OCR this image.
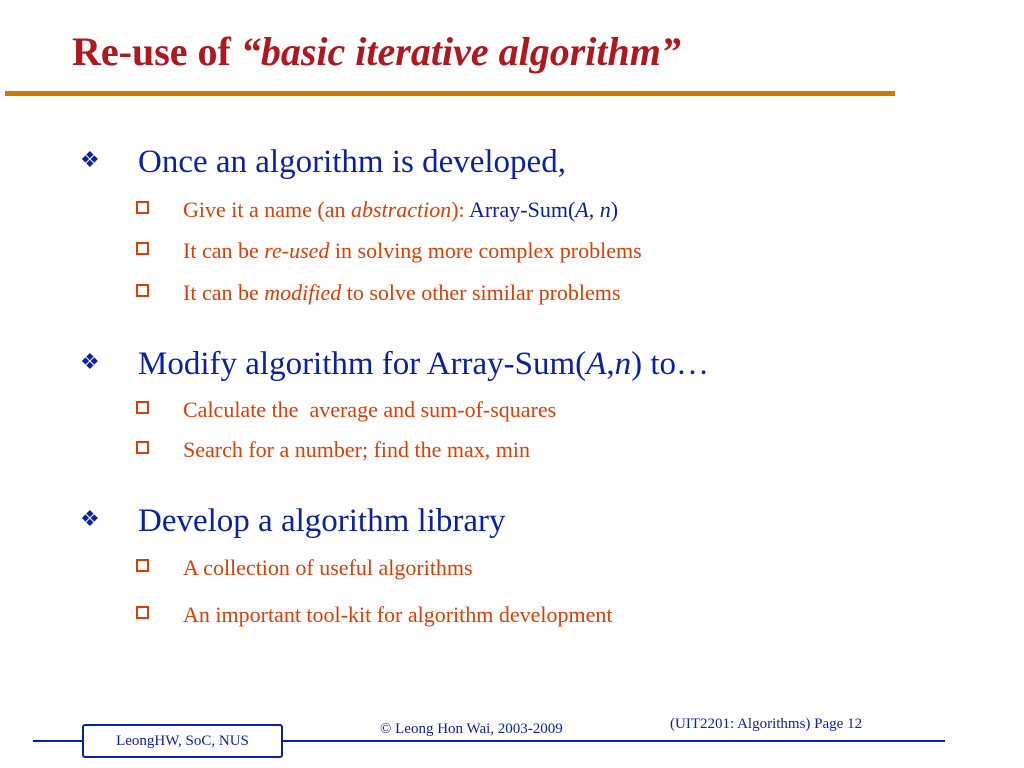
Re-use of “basic iterative algorithm”
❖ Once an algorithm is developed,
Give it a name (an abstraction): Array-Sum(A, n)
It can be re-used in solving more complex problems
It can be modified to solve other similar problems
❖ Modify algorithm for Array-Sum(A,n) to…
Calculate the  average and sum-of-squares
Search for a number; find the max, min
❖ Develop a algorithm library
A collection of useful algorithms
An important tool-kit for algorithm development
LeongHW, SoC, NUS
© Leong Hon Wai, 2003-2009	(UIT2201: Algorithms) Page 12
